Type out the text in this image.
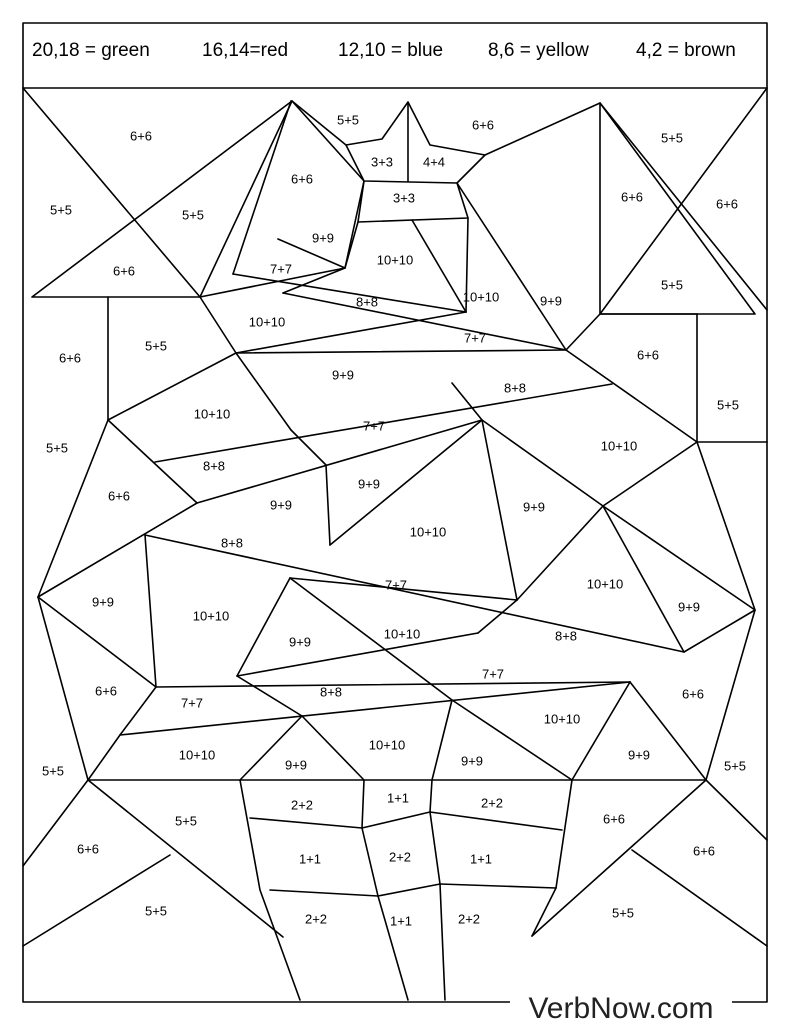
6+6
5+5
6+6
5+5
6+6
5+5	6+6
5+5
6+6	6+6
5+5
3+3 4+4
3+3
9+9
10+10
7+7
8+8	10+10	9+9
5+5
10+10
7+7
6+6
9+9
8+8
5+5
10+10
7+7
10+10
6+6
8+8
9+9
9+9
10+10
9+9
5+5
6+6
8+8
7+7	10+10
9+9
9+9
10+10
10+10
8+8
9+9
6+6	8+8
7+7
7+7
10+10
6+6
10+10
9+9
10+10
9+9	9+9
5+5	5+5
2+2	1+1	2+2
6+6
5+5
6+6
1+1	2+2	1+1
6+6
5+5
2+2	1+1	2+2	5+5
20,18 = green	16,14=red	12,10 = blue 8,6 = yellow 4,2 = brown
VerbNow.com
